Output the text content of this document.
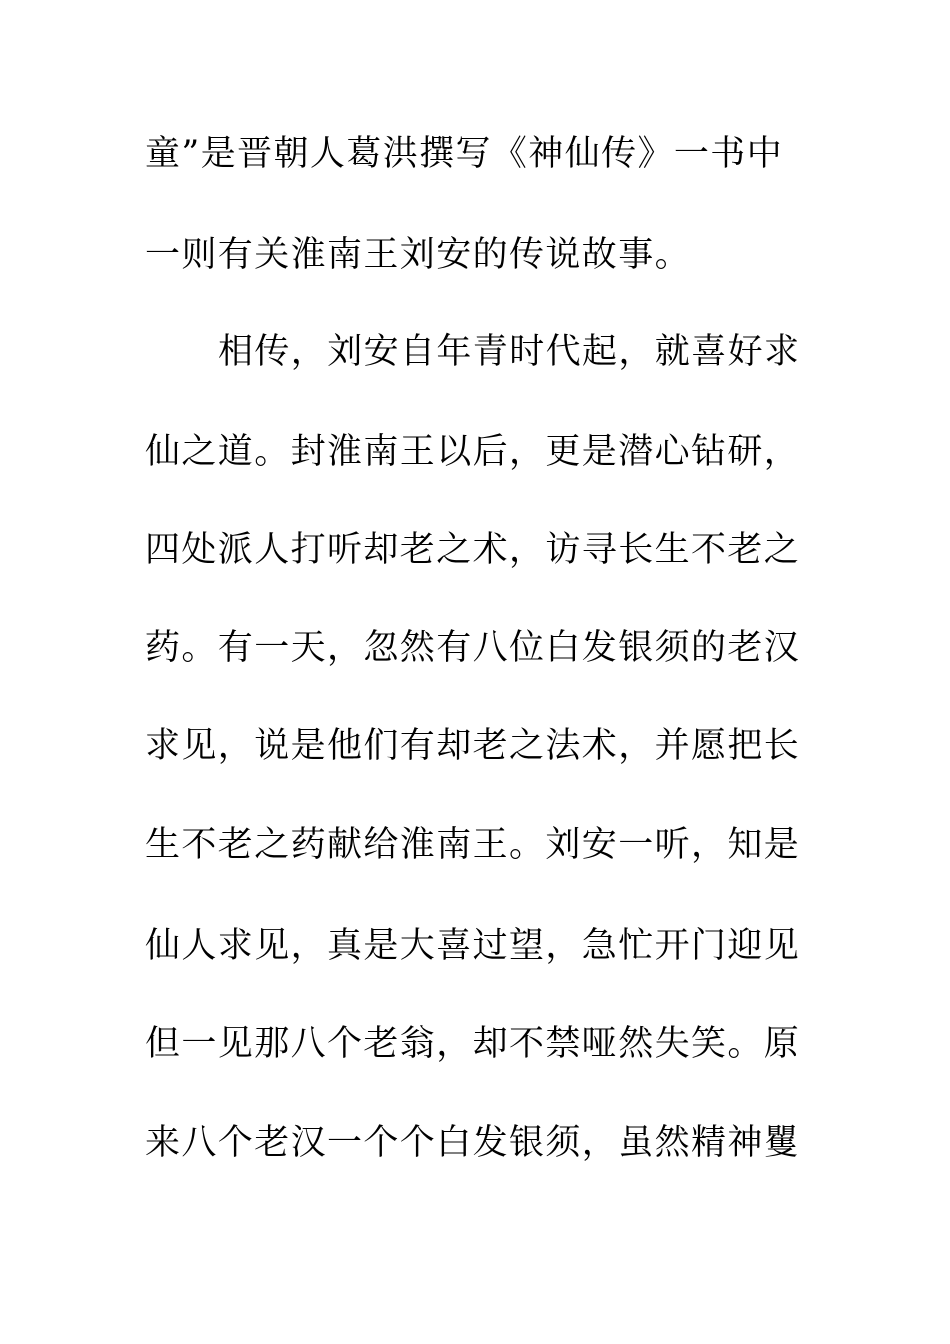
童”是晋朝人葛洪撰写《神仙传》一书中
一则有关淮南王刘安的传说故事。
相传，刘安自年青时代起，就喜好求
仙之道。封淮南王以后，更是潜心钻研，
四处派人打听却老之术，访寻长生不老之
药。有一天，忽然有八位白发银须的老汉
求见，说是他们有却老之法术，并愿把长
生不老之药献给淮南王。刘安一听，知是
仙人求见，真是大喜过望，急忙开门迎见
但一见那八个老翁，却不禁哑然失笑。原
来八个老汉一个个白发银须，虽然精神矍
